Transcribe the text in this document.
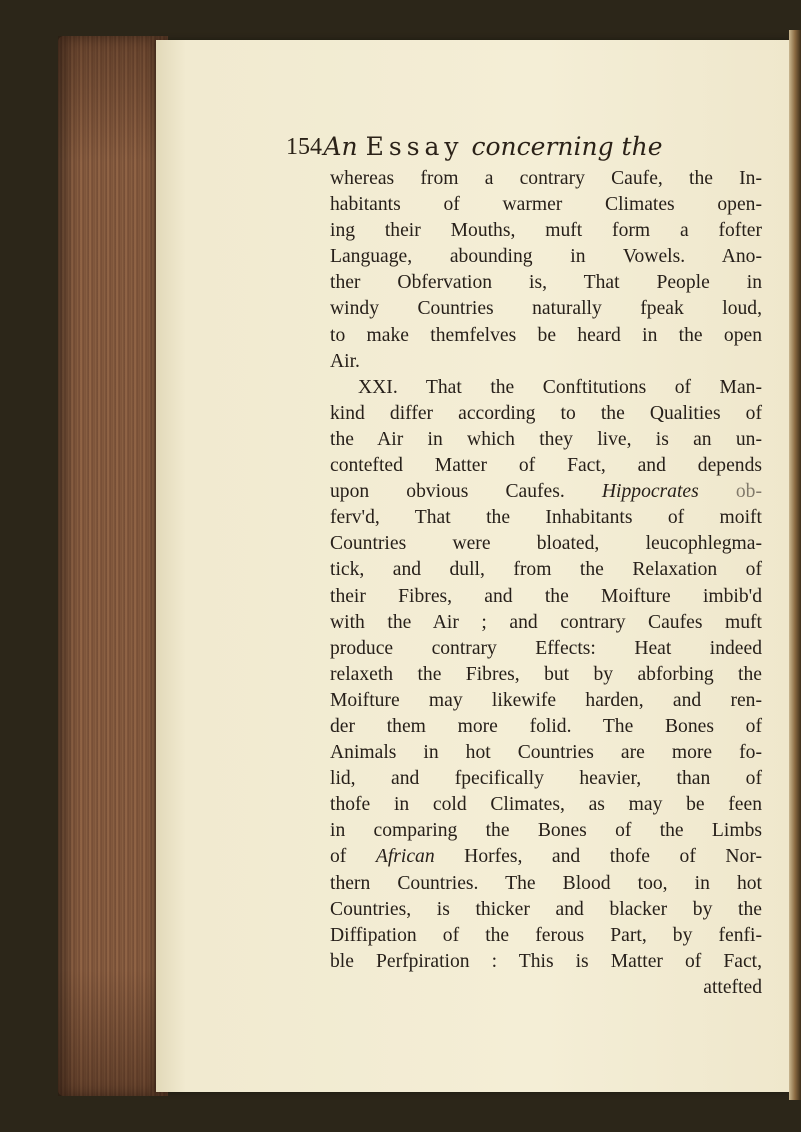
154 An Essay concerning the
whereas from a contrary Caufe, the In-
habitants of warmer Climates open-
ing their Mouths, muft form a fofter
Language, abounding in Vowels. Ano-
ther Obfervation is, That People in
windy Countries naturally fpeak loud,
to make themfelves be heard in the open
Air.
XXI. That the Conftitutions of Man-
kind differ according to the Qualities of
the Air in which they live, is an un-
contefted Matter of Fact, and depends
upon obvious Caufes. Hippocrates ob-
ferv'd, That the Inhabitants of moift
Countries were bloated, leucophlegma-
tick, and dull, from the Relaxation of
their Fibres, and the Moifture imbib'd
with the Air ; and contrary Caufes muft
produce contrary Effects: Heat indeed
relaxeth the Fibres, but by abforbing the
Moifture may likewife harden, and ren-
der them more folid. The Bones of
Animals in hot Countries are more fo-
lid, and fpecifically heavier, than of
thofe in cold Climates, as may be feen
in comparing the Bones of the Limbs
of African Horfes, and thofe of Nor-
thern Countries. The Blood too, in hot
Countries, is thicker and blacker by the
Diffipation of the ferous Part, by fenfi-
ble Perfpiration : This is Matter of Fact,
attefted
